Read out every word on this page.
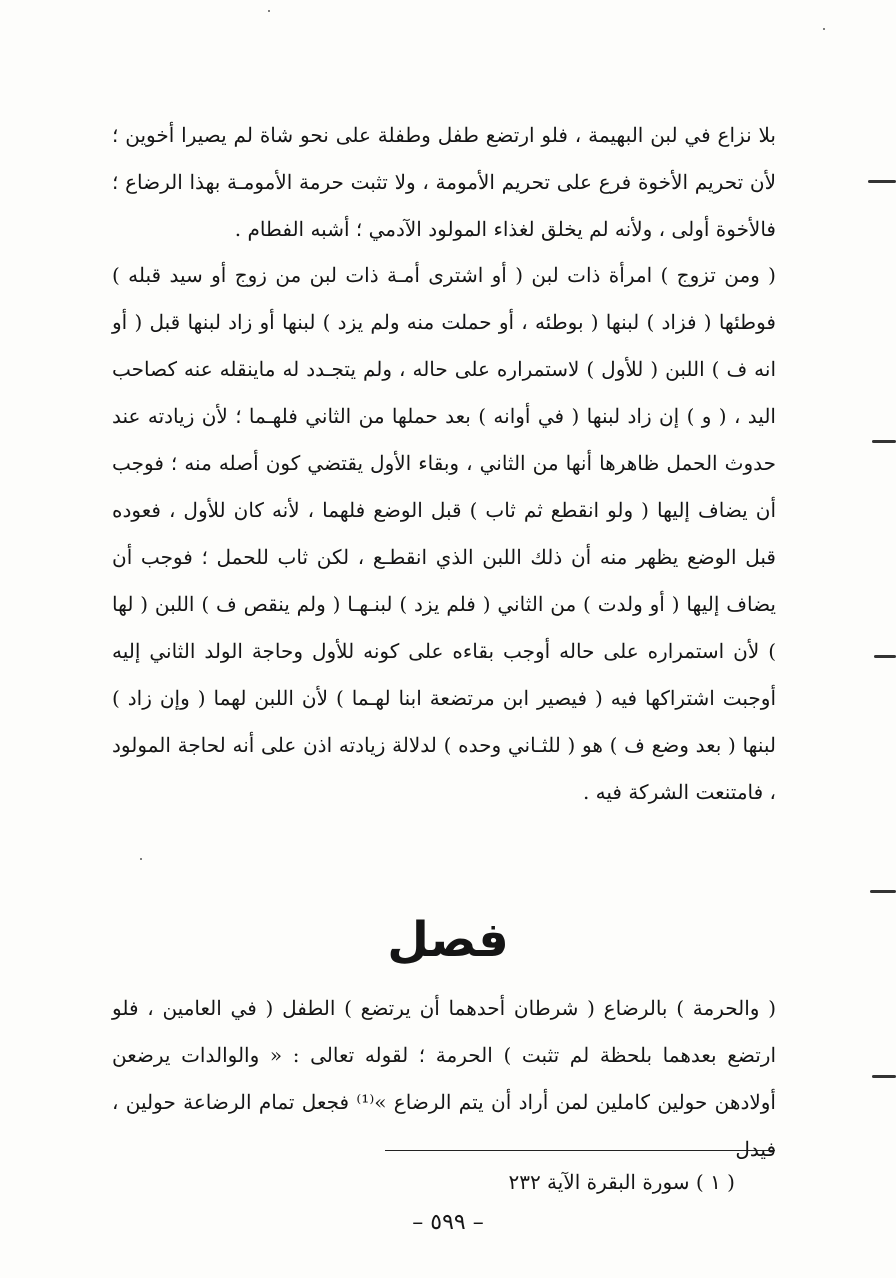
بلا نزاع في لبن البهيمة ، فلو ارتضع طفل وطفلة على نحو شاة لم يصيرا أخوين ؛ لأن تحريم الأخوة فرع على تحريم الأمومة ، ولا تثبت حرمة الأمومـة بهذا الرضاع ؛ فالأخوة أولى ، ولأنه لم يخلق لغذاء المولود الآدمي ؛ أشبه الفطام .

( ومن تزوج ) امرأة ذات لبن ( أو اشترى أمـة ذات لبن من زوج أو سيد قبله ) فوطئها ( فزاد ) لبنها ( بوطئه ، أو حملت منه ولم يزد ) لبنها أو زاد لبنها قبل ( أو انه ف ) اللبن ( للأول ) لاستمراره على حاله ، ولم يتجـدد له ماينقله عنه كصاحب اليد ، ( و ) إن زاد لبنها ( في أوانه ) بعد حملها من الثاني فلهـما ؛ لأن زيادته عند حدوث الحمل ظاهرها أنها من الثاني ، وبقاء الأول يقتضي كون أصله منه ؛ فوجب أن يضاف إليها ( ولو انقطع ثم ثاب ) قبل الوضع فلهما ، لأنه كان للأول ، فعوده قبل الوضع يظهر منه أن ذلك اللبن الذي انقطـع ، لكن ثاب للحمل ؛ فوجب أن يضاف إليها ( أو ولدت ) من الثاني ( فلم يزد ) لبنـهـا ( ولم ينقص ف ) اللبن ( لها ) لأن استمراره على حاله أوجب بقاءه على كونه للأول وحاجة الولد الثاني إليه أوجبت اشتراكها فيه ( فيصير ابن مرتضعة ابنا لهـما ) لأن اللبن لهما ( وإن زاد ) لبنها ( بعد وضع ف ) هو ( للثـاني وحده ) لدلالة زيادته اذن على أنه لحاجة المولود ، فامتنعت الشركة فيه .

فصل

( والحرمة ) بالرضاع ( شرطان أحدهما أن يرتضع ) الطفل ( في العامين ، فلو ارتضع بعدهما بلحظة لم تثبت ) الحرمة ؛ لقوله تعالى : « والوالدات يرضعن أولادهن حولين كاملين لمن أراد أن يتم الرضاع »⁽¹⁾ فجعل تمام الرضاعة حولين ، فيدل

( ١ ) سورة البقرة الآية ٢٣٢

– ٥٩٩ –
